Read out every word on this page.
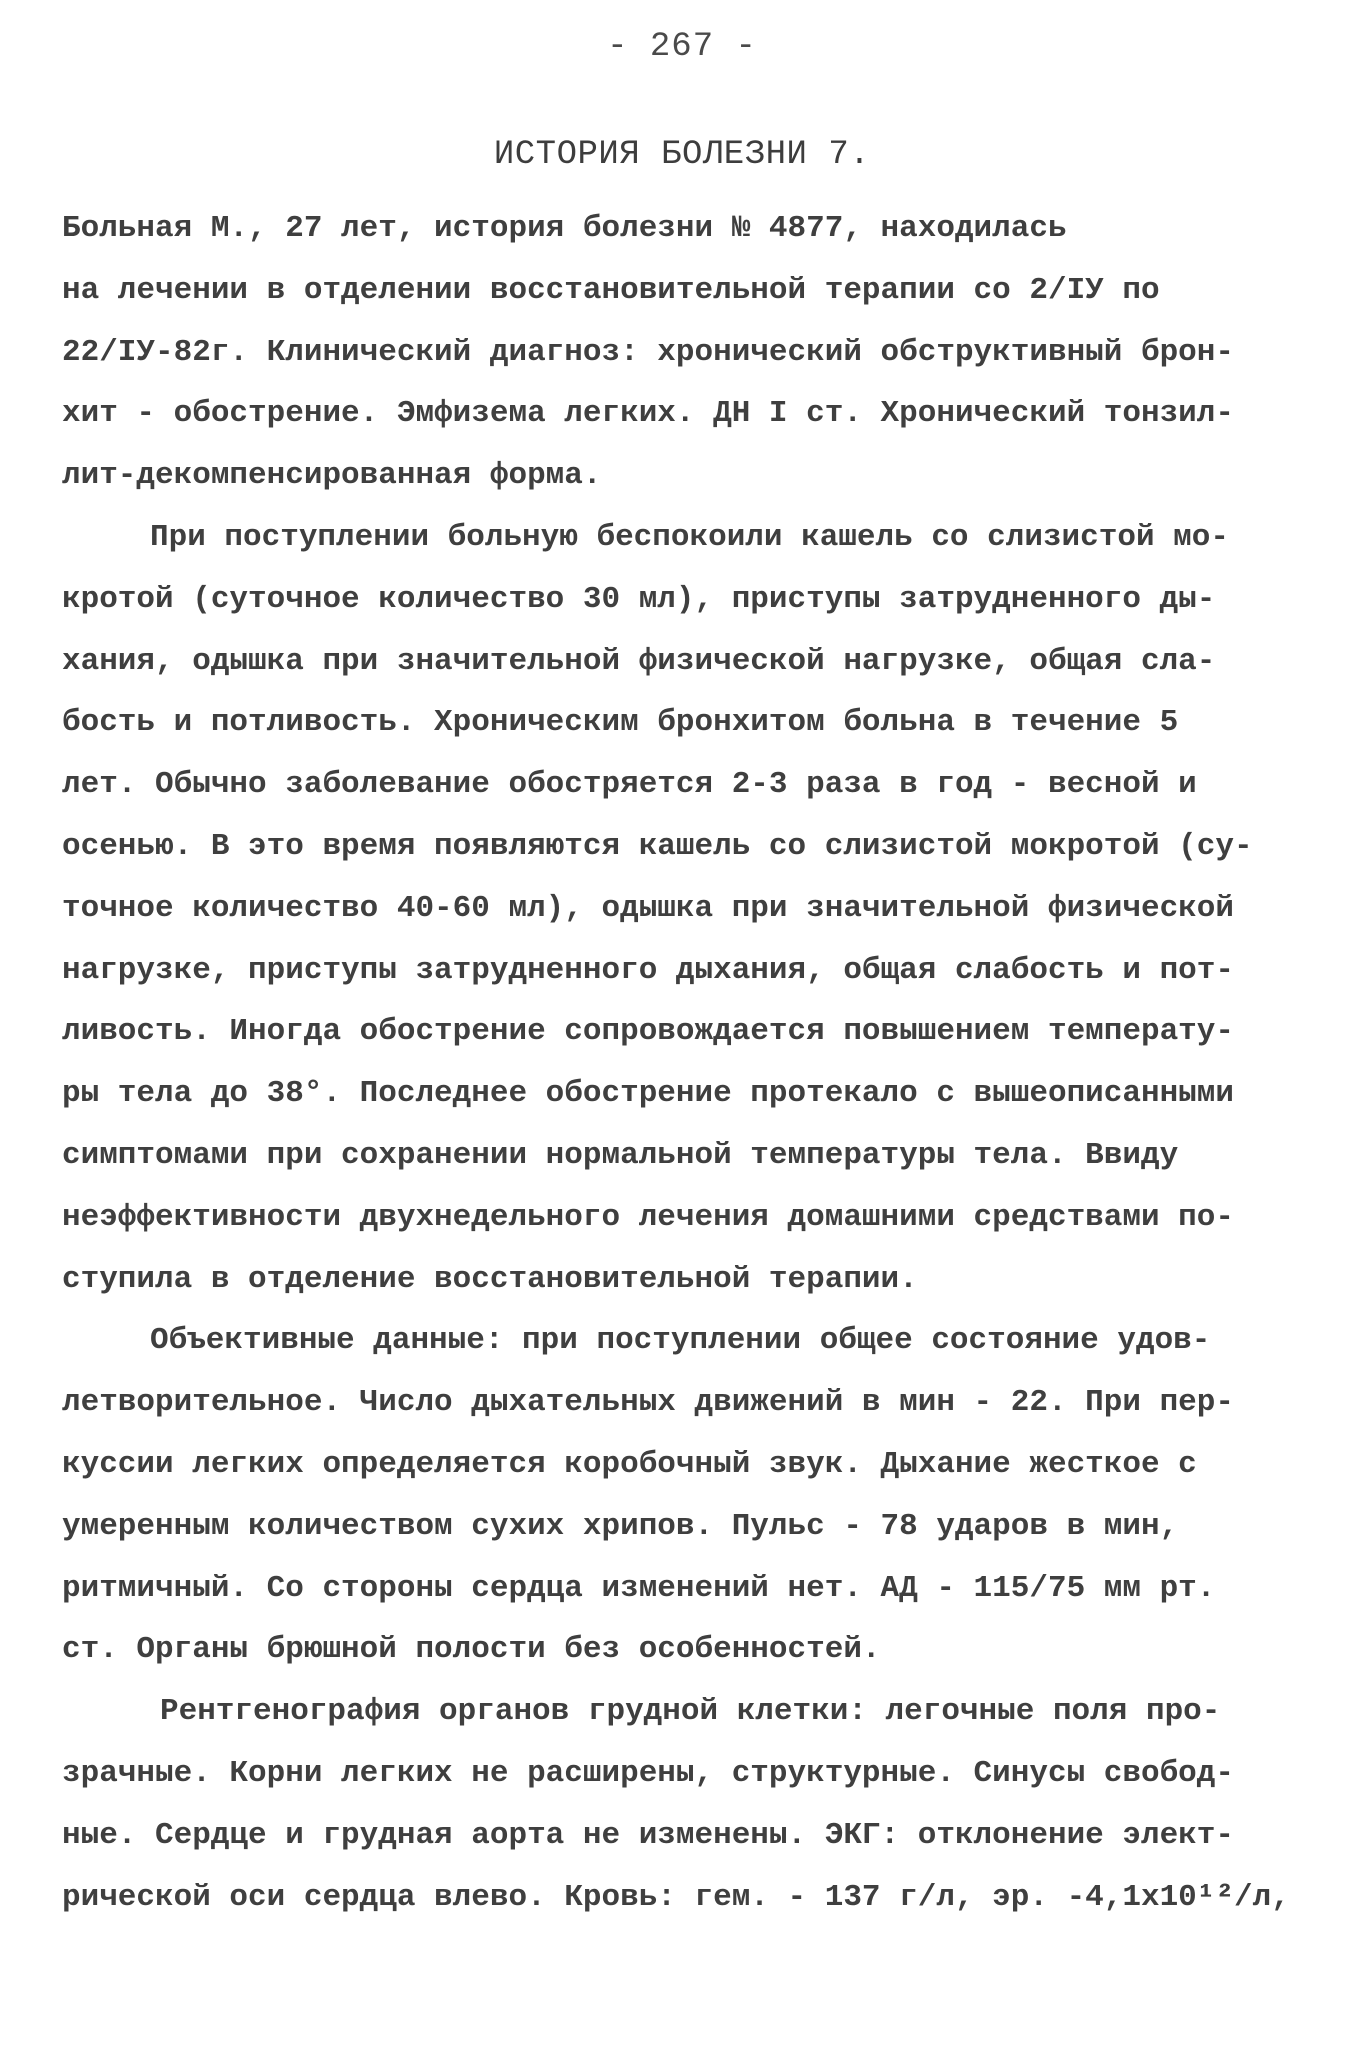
- 267 -
ИСТОРИЯ БОЛЕЗНИ 7.
Больная М., 27 лет, история болезни № 4877, находилась
на лечении в отделении восстановительной терапии со 2/IУ по
22/IУ-82г. Клинический диагноз: хронический обструктивный брон-
хит - обострение. Эмфизема легких. ДН I ст. Хронический тонзил-
лит-декомпенсированная форма.
При поступлении больную беспокоили кашель со слизистой мо-
кротой (суточное количество 30 мл), приступы затрудненного ды-
хания, одышка при значительной физической нагрузке, общая сла-
бость и потливость. Хроническим бронхитом больна в течение 5
лет. Обычно заболевание обостряется 2-3 раза в год - весной и
осенью. В это время появляются кашель со слизистой мокротой (су-
точное количество 40-60 мл), одышка при значительной физической
нагрузке, приступы затрудненного дыхания, общая слабость и пот-
ливость. Иногда обострение сопровождается повышением температу-
ры тела до 38°. Последнее обострение протекало с вышеописанными
симптомами при сохранении нормальной температуры тела. Ввиду
неэффективности двухнедельного лечения домашними средствами по-
ступила в отделение восстановительной терапии.
Объективные данные: при поступлении общее состояние удов-
летворительное. Число дыхательных движений в мин - 22. При пер-
куссии легких определяется коробочный звук. Дыхание жесткое с
умеренным количеством сухих хрипов. Пульс - 78 ударов в мин,
ритмичный. Со стороны сердца изменений нет. АД - 115/75 мм рт.
ст. Органы брюшной полости без особенностей.
Рентгенография органов грудной клетки: легочные поля про-
зрачные. Корни легких не расширены, структурные. Синусы свобод-
ные. Сердце и грудная аорта не изменены. ЭКГ: отклонение элект-
рической оси сердца влево. Кровь: гем. - 137 г/л, эр. -4,1х10¹²/л,
